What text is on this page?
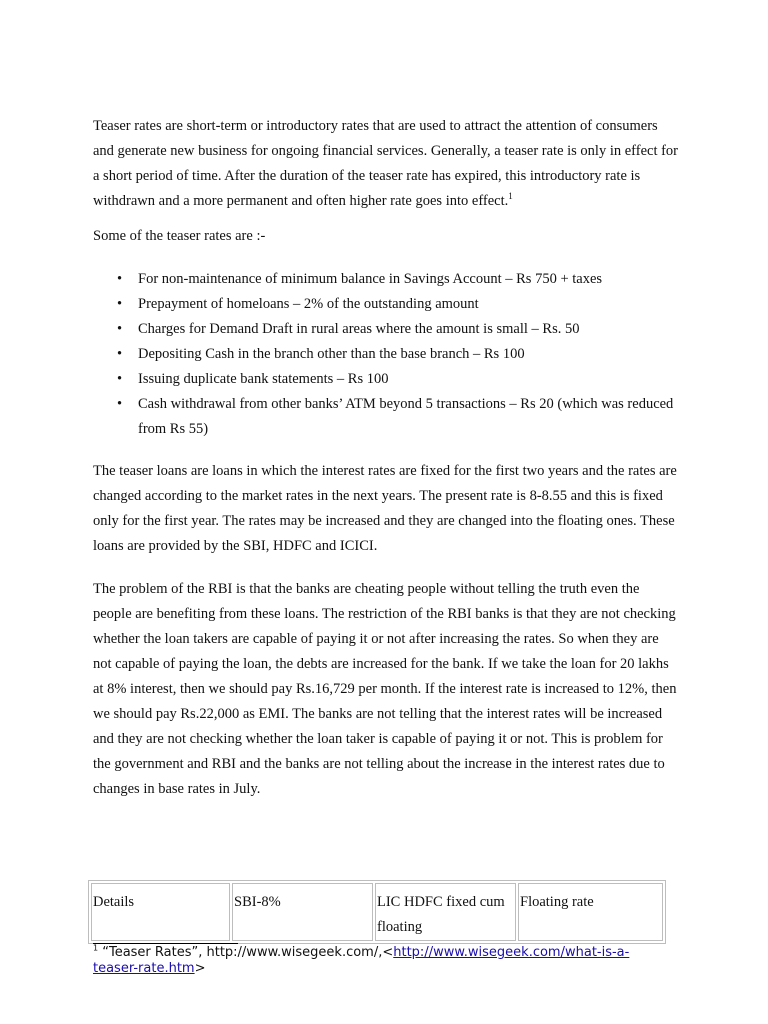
Teaser rates are short-term or introductory rates that are used to attract the attention of consumers and generate new business for ongoing financial services. Generally, a teaser rate is only in effect for a short period of time. After the duration of the teaser rate has expired, this introductory rate is withdrawn and a more permanent and often higher rate goes into effect.$^1$

Some of the teaser rates are :-

• For non-maintenance of minimum balance in Savings Account – Rs 750 + taxes
• Prepayment of homeloans – 2% of the outstanding amount
• Charges for Demand Draft in rural areas where the amount is small – Rs. 50
• Depositing Cash in the branch other than the base branch – Rs 100
• Issuing duplicate bank statements – Rs 100
• Cash withdrawal from other banks’ ATM beyond 5 transactions – Rs 20 (which was reduced from Rs 55)

The teaser loans are loans in which the interest rates are fixed for the first two years and the rates are changed according to the market rates in the next years. The present rate is 8-8.55 and this is fixed only for the first year. The rates may be increased and they are changed into the floating ones. These loans are provided by the SBI, HDFC and ICICI.

The problem of the RBI is that the banks are cheating people without telling the truth even the people are benefiting from these loans. The restriction of the RBI banks is that they are not checking whether the loan takers are capable of paying it or not after increasing the rates. So when they are not capable of paying the loan, the debts are increased for the bank. If we take the loan for 20 lakhs at 8% interest, then we should pay Rs.16,729 per month. If the interest rate is increased to 12%, then we should pay Rs.22,000 as EMI. The banks are not telling that the interest rates will be increased and they are not checking whether the loan taker is capable of paying it or not. This is problem for the government and RBI and the banks are not telling about the increase in the interest rates due to changes in base rates in July.

Details	SBI-8%	LIC HDFC fixed cum floating	Floating rate
$^1$ “Teaser Rates”, http://www.wisegeek.com/,<http://www.wisegeek.com/what-is-a-teaser-rate.htm>
